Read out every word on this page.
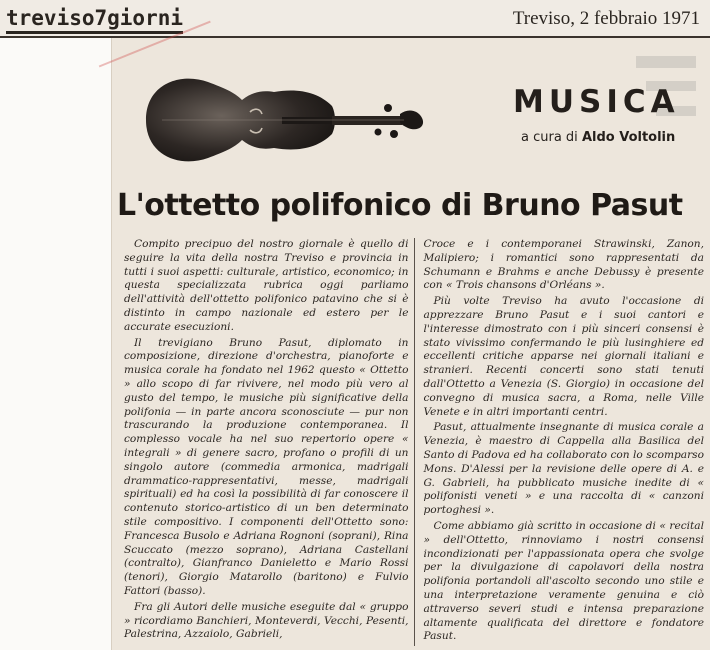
treviso7giorni	Treviso, 2 febbraio 1971
MUSICA
a cura di Aldo Voltolin
L'ottetto polifonico di Bruno Pasut

Compito precipuo del nostro giornale è quello di seguire la vita della nostra Treviso e provincia in tutti i suoi aspetti: culturale, artistico, economico; in questa specializzata rubrica oggi parliamo dell'attività dell'ottetto polifonico patavino che si è distinto in campo nazionale ed estero per le accurate esecuzioni.

Il trevigiano Bruno Pasut, diplomato in composizione, direzione d'orchestra, pianoforte e musica corale ha fondato nel 1962 questo « Ottetto » allo scopo di far rivivere, nel modo più vero al gusto del tempo, le musiche più significative della polifonia — in parte ancora sconosciute — pur non trascurando la produzione contemporanea. Il complesso vocale ha nel suo repertorio opere « integrali » di genere sacro, profano o profili di un singolo autore (commedia armonica, madrigali drammatico-rappresentativi, messe, madrigali spirituali) ed ha così la possibilità di far conoscere il contenuto storico-artistico di un ben determinato stile compositivo. I componenti dell'Ottetto sono: Francesca Busolo e Adriana Rognoni (soprani), Rina Scuccato (mezzo soprano), Adriana Castellani (contralto), Gianfranco Danieletto e Mario Rossi (tenori), Giorgio Matarollo (baritono) e Fulvio Fattori (basso).

Fra gli Autori delle musiche eseguite dal « gruppo » ricordiamo Banchieri, Monteverdi, Vecchi, Pesenti, Palestrina, Azzaiolo, Gabrieli,

Croce e i contemporanei Strawinski, Zanon, Malipiero; i romantici sono rappresentati da Schumann e Brahms e anche Debussy è presente con « Trois chansons d'Orléans ».

Più volte Treviso ha avuto l'occasione di apprezzare Bruno Pasut e i suoi cantori e l'interesse dimostrato con i più sinceri consensi è stato vivissimo confermando le più lusinghiere ed eccellenti critiche apparse nei giornali italiani e stranieri. Recenti concerti sono stati tenuti dall'Ottetto a Venezia (S. Giorgio) in occasione del convegno di musica sacra, a Roma, nelle Ville Venete e in altri importanti centri.

Pasut, attualmente insegnante di musica corale a Venezia, è maestro di Cappella alla Basilica del Santo di Padova ed ha collaborato con lo scomparso Mons. D'Alessi per la revisione delle opere di A. e G. Gabrieli, ha pubblicato musiche inedite di « polifonisti veneti » e una raccolta di « canzoni portoghesi ».

Come abbiamo già scritto in occasione di « recital » dell'Ottetto, rinnoviamo i nostri consensi incondizionati per l'appassionata opera che svolge per la divulgazione di capolavori della nostra polifonia portandoli all'ascolto secondo uno stile e una interpretazione veramente genuina e ciò attraverso severi studi e intensa preparazione altamente qualificata del direttore e fondatore Pasut.
